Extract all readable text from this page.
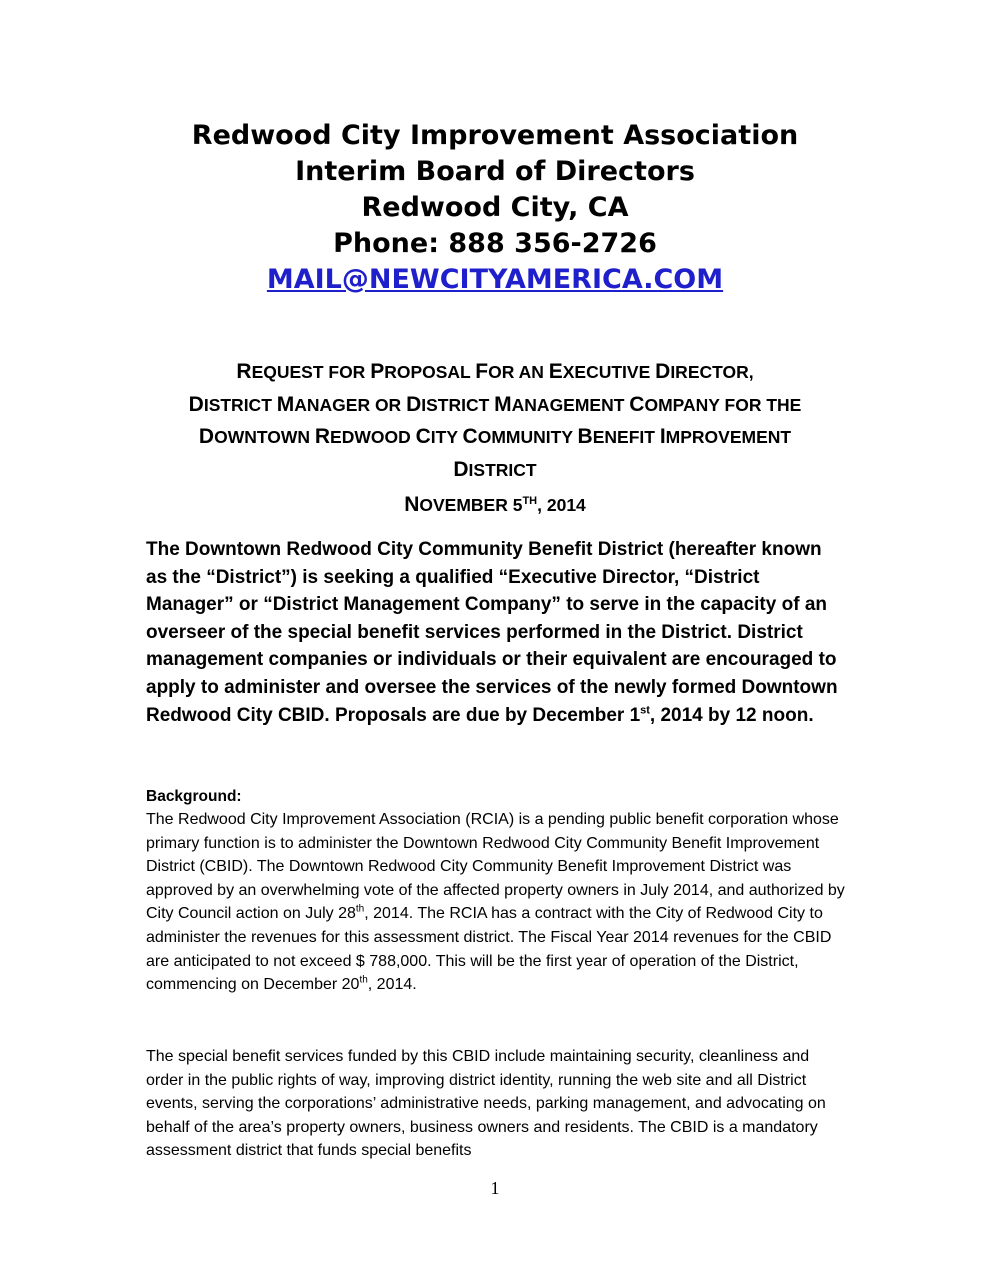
Redwood City Improvement Association
Interim Board of Directors
Redwood City, CA
Phone: 888 356-2726
MAIL@NEWCITYAMERICA.COM
REQUEST FOR PROPOSAL FOR AN EXECUTIVE DIRECTOR,
DISTRICT MANAGER OR DISTRICT MANAGEMENT COMPANY FOR THE
DOWNTOWN REDWOOD CITY COMMUNITY BENEFIT IMPROVEMENT
DISTRICT
NOVEMBER 5TH, 2014
The Downtown Redwood City Community Benefit District (hereafter known as the “District”) is seeking a qualified “Executive Director, “District Manager” or “District Management Company” to serve in the capacity of an overseer of the special benefit services performed in the District. District management companies or individuals or their equivalent are encouraged to apply to administer and oversee the services of the newly formed Downtown Redwood City CBID. Proposals are due by December 1st, 2014 by 12 noon.
Background:
The Redwood City Improvement Association (RCIA) is a pending public benefit corporation whose primary function is to administer the Downtown Redwood City Community Benefit Improvement District (CBID). The Downtown Redwood City Community Benefit Improvement District was approved by an overwhelming vote of the affected property owners in July 2014, and authorized by City Council action on July 28th, 2014. The RCIA has a contract with the City of Redwood City to administer the revenues for this assessment district. The Fiscal Year 2014 revenues for the CBID are anticipated to not exceed $ 788,000. This will be the first year of operation of the District, commencing on December 20th, 2014.
The special benefit services funded by this CBID include maintaining security, cleanliness and order in the public rights of way, improving district identity, running the web site and all District events, serving the corporations’ administrative needs, parking management, and advocating on behalf of the area’s property owners, business owners and residents. The CBID is a mandatory assessment district that funds special benefits
1
